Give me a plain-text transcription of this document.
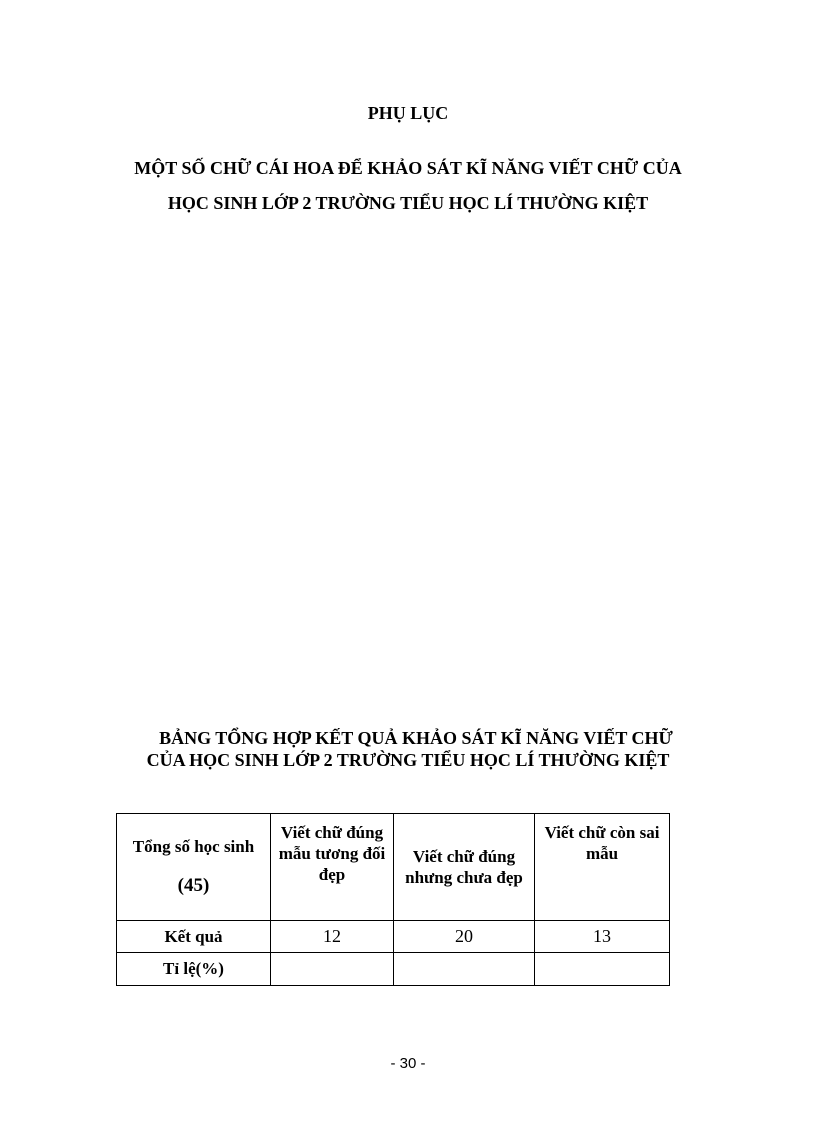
PHỤ LỤC

MỘT SỐ CHỮ CÁI HOA ĐỂ KHẢO SÁT KĨ NĂNG VIẾT CHỮ CỦA

HỌC SINH LỚP 2 TRƯỜNG TIỂU HỌC LÍ THƯỜNG KIỆT

BẢNG TỔNG HỢP KẾT QUẢ KHẢO SÁT KĨ NĂNG VIẾT CHỮ

CỦA HỌC SINH LỚP 2 TRƯỜNG TIỂU HỌC LÍ THƯỜNG KIỆT

Tổng số học sinh
(45)	Viết chữ đúng mẫu tương đối đẹp	Viết chữ đúng nhưng chưa đẹp	Viết chữ còn sai mẫu
Kết quả	12	20	13
Tỉ lệ(%)			
- 30 -
